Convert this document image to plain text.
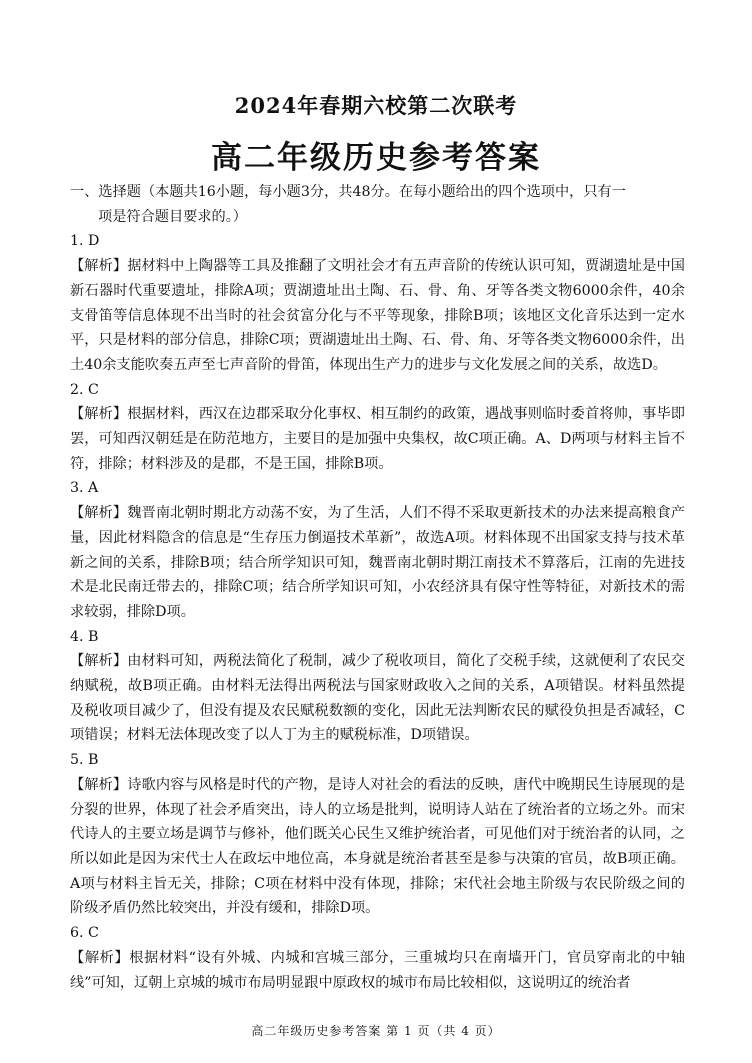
2024年春期六校第二次联考
高二年级历史参考答案
一、选择题（本题共16小题，每小题3分，共48分。在每小题给出的四个选项中，只有一
项是符合题目要求的。）
1. D
【解析】据材料中上陶器等工具及推翻了文明社会才有五声音阶的传统认识可知，贾湖遗址是中国新石器时代重要遗址，排除A项；贾湖遗址出土陶、石、骨、角、牙等各类文物6000余件，40余支骨笛等信息体现不出当时的社会贫富分化与不平等现象，排除B项；该地区文化音乐达到一定水平，只是材料的部分信息，排除C项；贾湖遗址出土陶、石、骨、角、牙等各类文物6000余件，出土40余支能吹奏五声至七声音阶的骨笛，体现出生产力的进步与文化发展之间的关系，故选D。
2. C
【解析】根据材料，西汉在边郡采取分化事权、相互制约的政策，遇战事则临时委首将帅，事毕即罢，可知西汉朝廷是在防范地方，主要目的是加强中央集权，故C项正确。A、D两项与材料主旨不符，排除；材料涉及的是郡，不是王国，排除B项。
3. A
【解析】魏晋南北朝时期北方动荡不安，为了生活，人们不得不采取更新技术的办法来提高粮食产量，因此材料隐含的信息是“生存压力倒逼技术革新”，故选A项。材料体现不出国家支持与技术革新之间的关系，排除B项；结合所学知识可知，魏晋南北朝时期江南技术不算落后，江南的先进技术是北民南迁带去的，排除C项；结合所学知识可知，小农经济具有保守性等特征，对新技术的需求较弱，排除D项。
4. B
【解析】由材料可知，两税法简化了税制，减少了税收项目，简化了交税手续，这就便利了农民交纳赋税，故B项正确。由材料无法得出两税法与国家财政收入之间的关系，A项错误。材料虽然提及税收项目减少了，但没有提及农民赋税数额的变化，因此无法判断农民的赋役负担是否减轻，C项错误；材料无法体现改变了以人丁为主的赋税标准，D项错误。
5. B
【解析】诗歌内容与风格是时代的产物，是诗人对社会的看法的反映，唐代中晚期民生诗展现的是分裂的世界，体现了社会矛盾突出，诗人的立场是批判，说明诗人站在了统治者的立场之外。而宋代诗人的主要立场是调节与修补，他们既关心民生又维护统治者，可见他们对于统治者的认同，之所以如此是因为宋代士人在政坛中地位高，本身就是统治者甚至是参与决策的官员，故B项正确。A项与材料主旨无关，排除；C项在材料中没有体现，排除；宋代社会地主阶级与农民阶级之间的阶级矛盾仍然比较突出，并没有缓和，排除D项。
6. C
【解析】根据材料“设有外城、内城和宫城三部分，三重城均只在南墙开门，官员穿南北的中轴线”可知，辽朝上京城的城市布局明显跟中原政权的城市布局比较相似，这说明辽的统治者
高二年级历史参考答案 第 1 页（共 4 页）
